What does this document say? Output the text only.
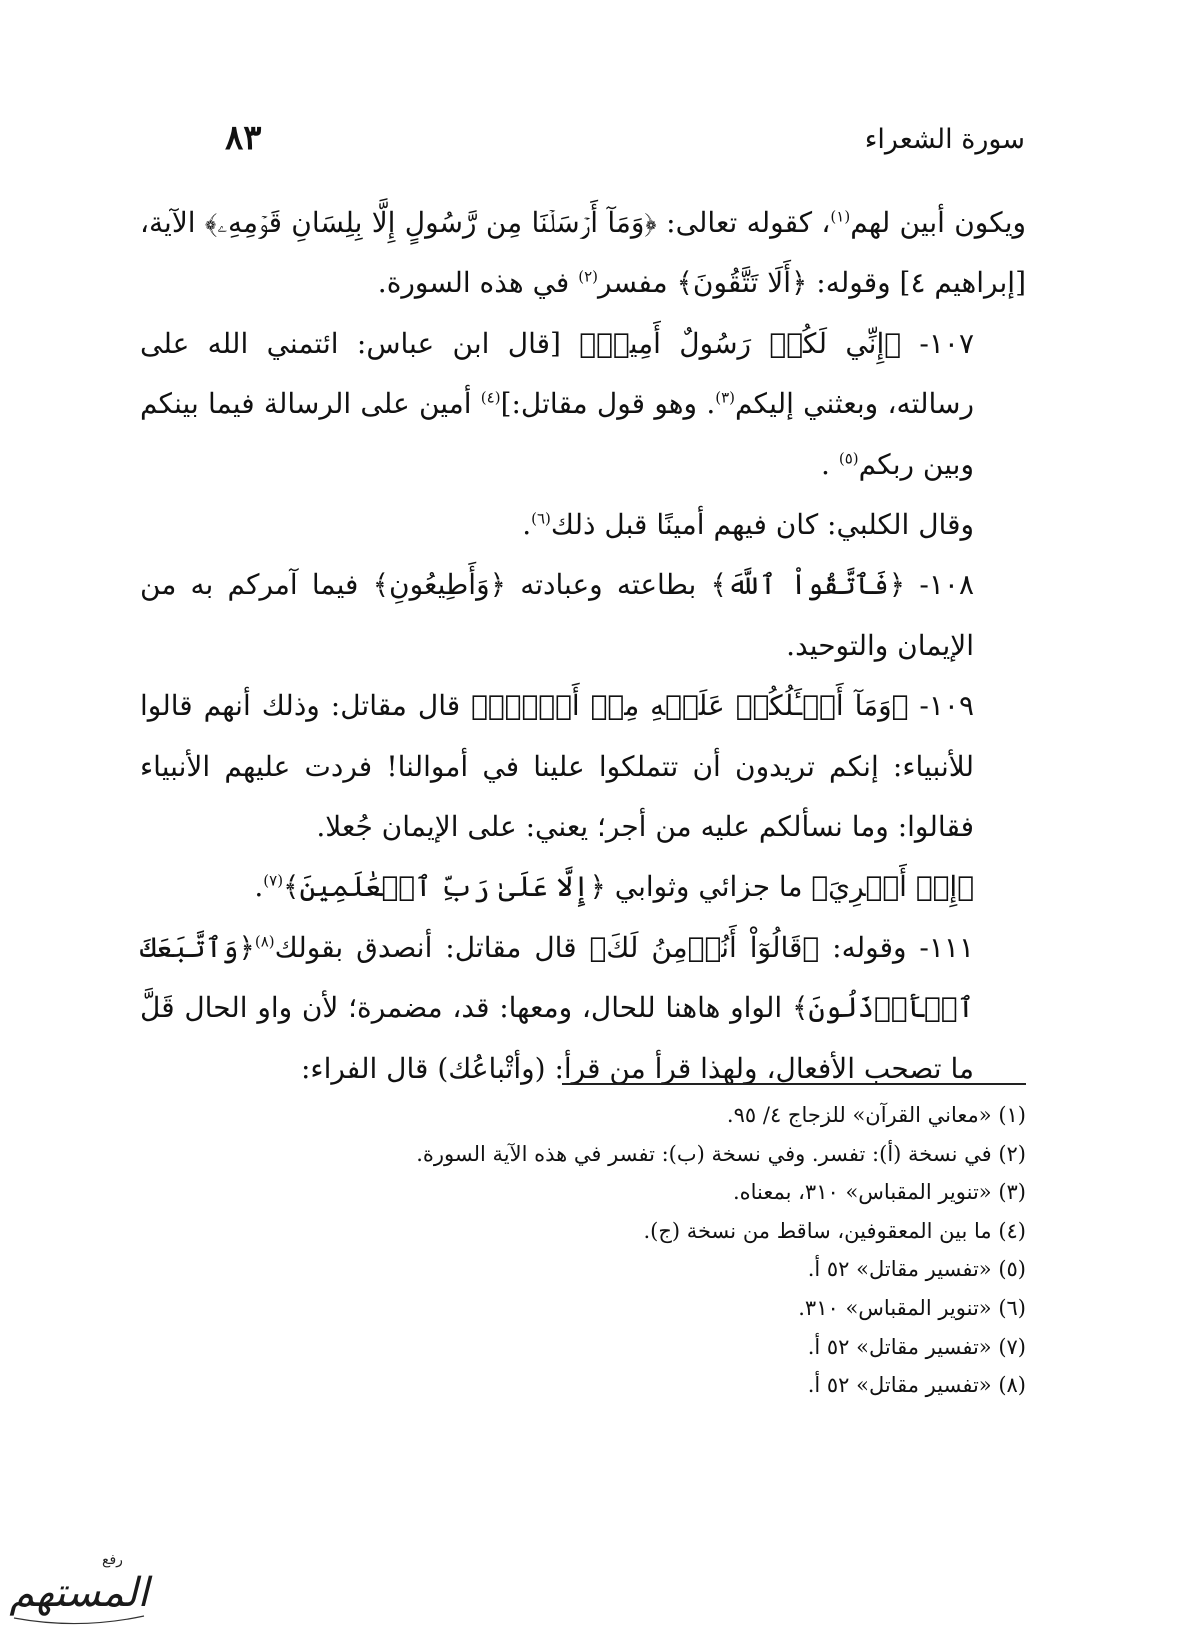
سورة الشعراء
٨٣

ويكون أبين لهم$^{(١)}$، كقوله تعالى: ﴿وَمَآ أَرۡسَلۡنَا مِن رَّسُولٍ إِلَّا بِلِسَانِ قَوۡمِهِۦ﴾ الآية، [إبراهيم ٤] وقوله: ﴿أَلَا تَتَّقُونَ﴾ مفسر$^{(٢)}$ في هذه السورة.

١٠٧- ﴿إِنِّي لَكُمۡ رَسُولٌ أَمِينٞ﴾ [قال ابن عباس: ائتمني الله على رسالته، وبعثني إليكم$^{(٣)}$. وهو قول مقاتل:]$^{(٤)}$ أمين على الرسالة فيما بينكم وبين ربكم$^{(٥)}$ .

وقال الكلبي: كان فيهم أمينًا قبل ذلك$^{(٦)}$.

١٠٨- ﴿فَٱتَّقُواْ ٱللَّهَ﴾ بطاعته وعبادته ﴿وَأَطِيعُونِ﴾ فيما آمركم به من الإيمان والتوحيد.

١٠٩- ﴿وَمَآ أَسۡـَٔلُكُمۡ عَلَيۡهِ مِنۡ أَجۡرٍۖ﴾ قال مقاتل: وذلك أنهم قالوا للأنبياء: إنكم تريدون أن تتملكوا علينا في أموالنا! فردت عليهم الأنبياء فقالوا: وما نسألكم عليه من أجر؛ يعني: على الإيمان جُعلا.

﴿إِنۡ أَجۡرِيَ﴾ ما جزائي وثوابي ﴿إِلَّا عَلَىٰ رَبِّ ٱلۡعَٰلَمِينَ﴾$^{(٧)}$.

١١١- وقوله: ﴿قَالُوٓاْ أَنُؤۡمِنُ لَكَ﴾ قال مقاتل: أنصدق بقولك$^{(٨)}$﴿وَٱتَّبَعَكَ ٱلۡأَرۡذَلُونَ﴾ الواو هاهنا للحال، ومعها: قد، مضمرة؛ لأن واو الحال قَلَّ ما تصحب الأفعال، ولهذا قرأ من قرأ: (وأتْباعُك) قال الفراء:

(١) «معاني القرآن» للزجاج ٤/ ٩٥.
(٢) في نسخة (أ): تفسر. وفي نسخة (ب): تفسر في هذه الآية السورة.
(٣) «تنوير المقباس» ٣١٠، بمعناه.
(٤) ما بين المعقوفين، ساقط من نسخة (ج).
(٥) «تفسير مقاتل» ٥٢ أ.
(٦) «تنوير المقباس» ٣١٠.
(٧) «تفسير مقاتل» ٥٢ أ.
(٨) «تفسير مقاتل» ٥٢ أ.
رفع
المستهم
